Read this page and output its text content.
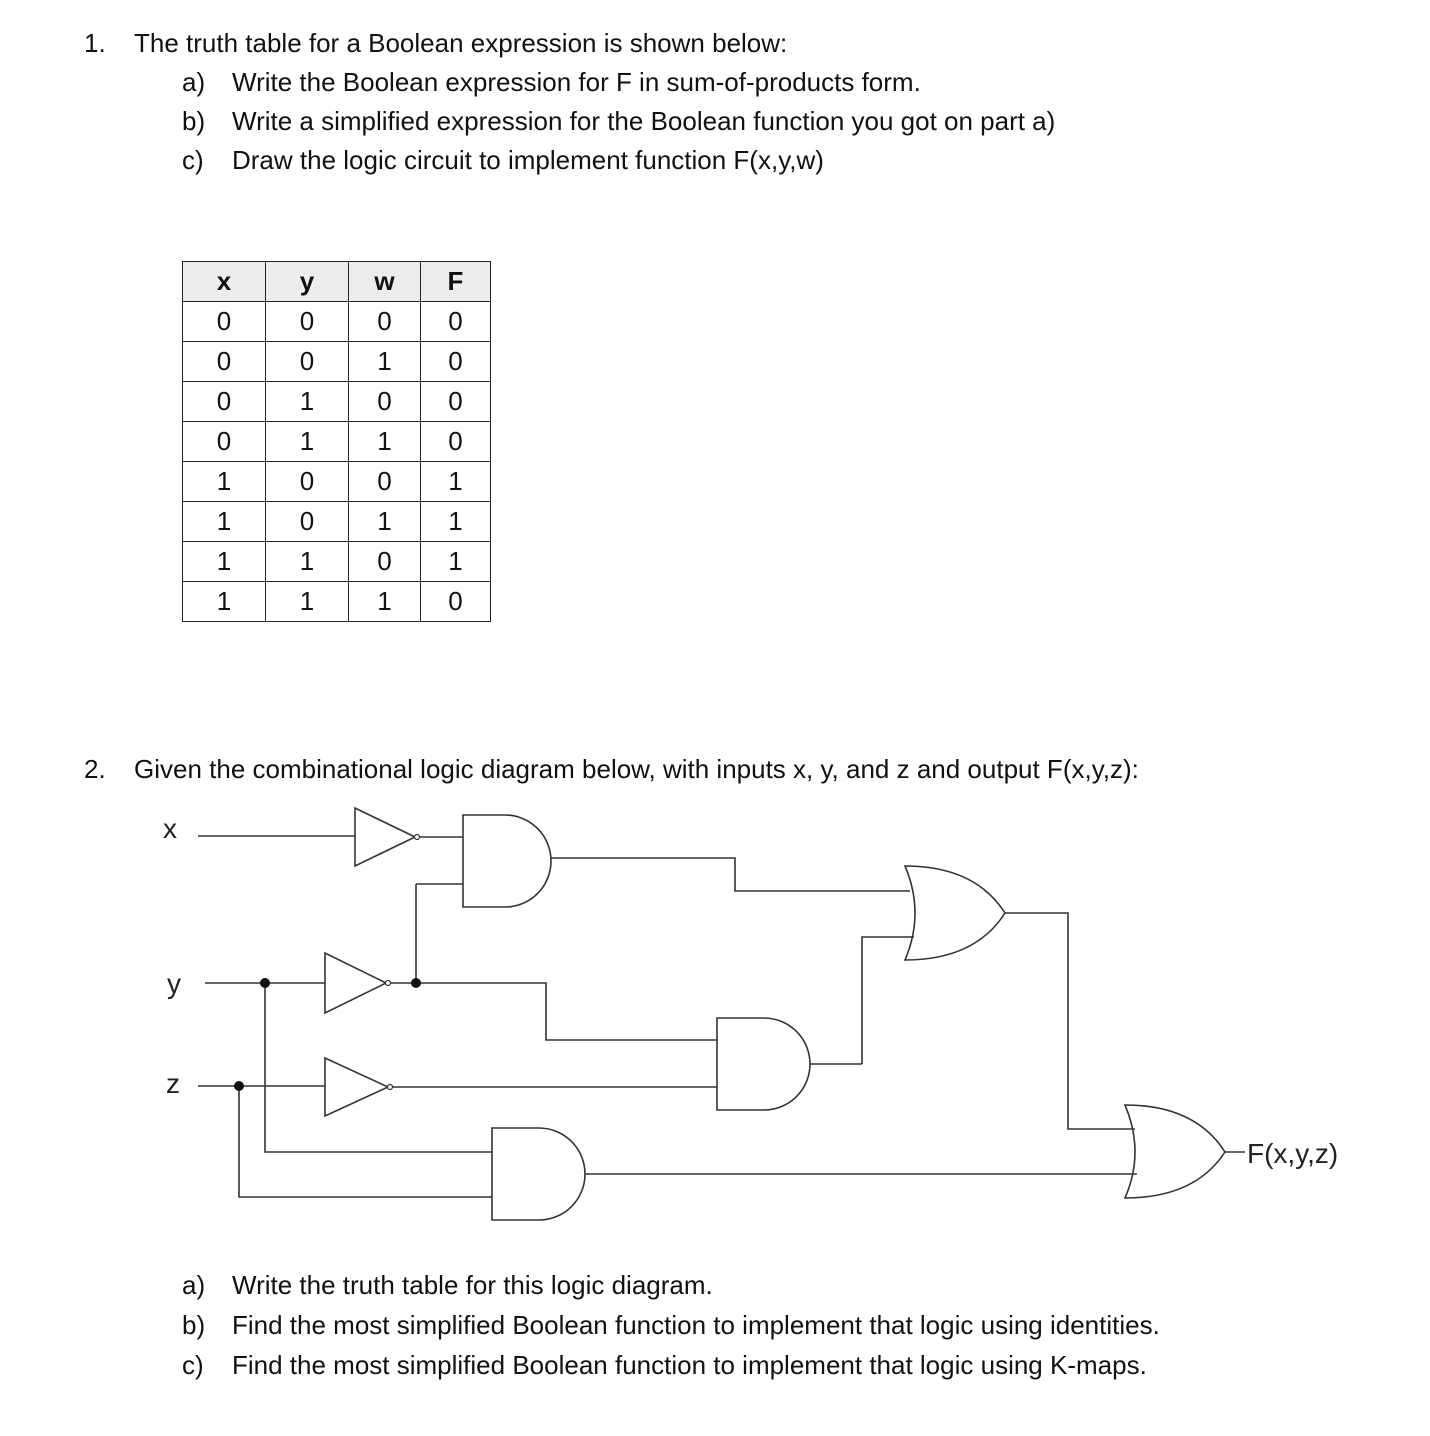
1. The truth table for a Boolean expression is shown below:
a) Write the Boolean expression for F in sum-of-products form.
b) Write a simplified expression for the Boolean function you got on part a)
c) Draw the logic circuit to implement function F(x,y,w)
x	y	w	F
0	0	0	0
0	0	1	0
0	1	0	0
0	1	1	0
1	0	0	1
1	0	1	1
1	1	0	1
1	1	1	0
2. Given the combinational logic diagram below, with inputs x, y, and z and output F(x,y,z):
x
y
z
F(x,y,z)
a) Write the truth table for this logic diagram.
b) Find the most simplified Boolean function to implement that logic using identities.
c) Find the most simplified Boolean function to implement that logic using K-maps.
